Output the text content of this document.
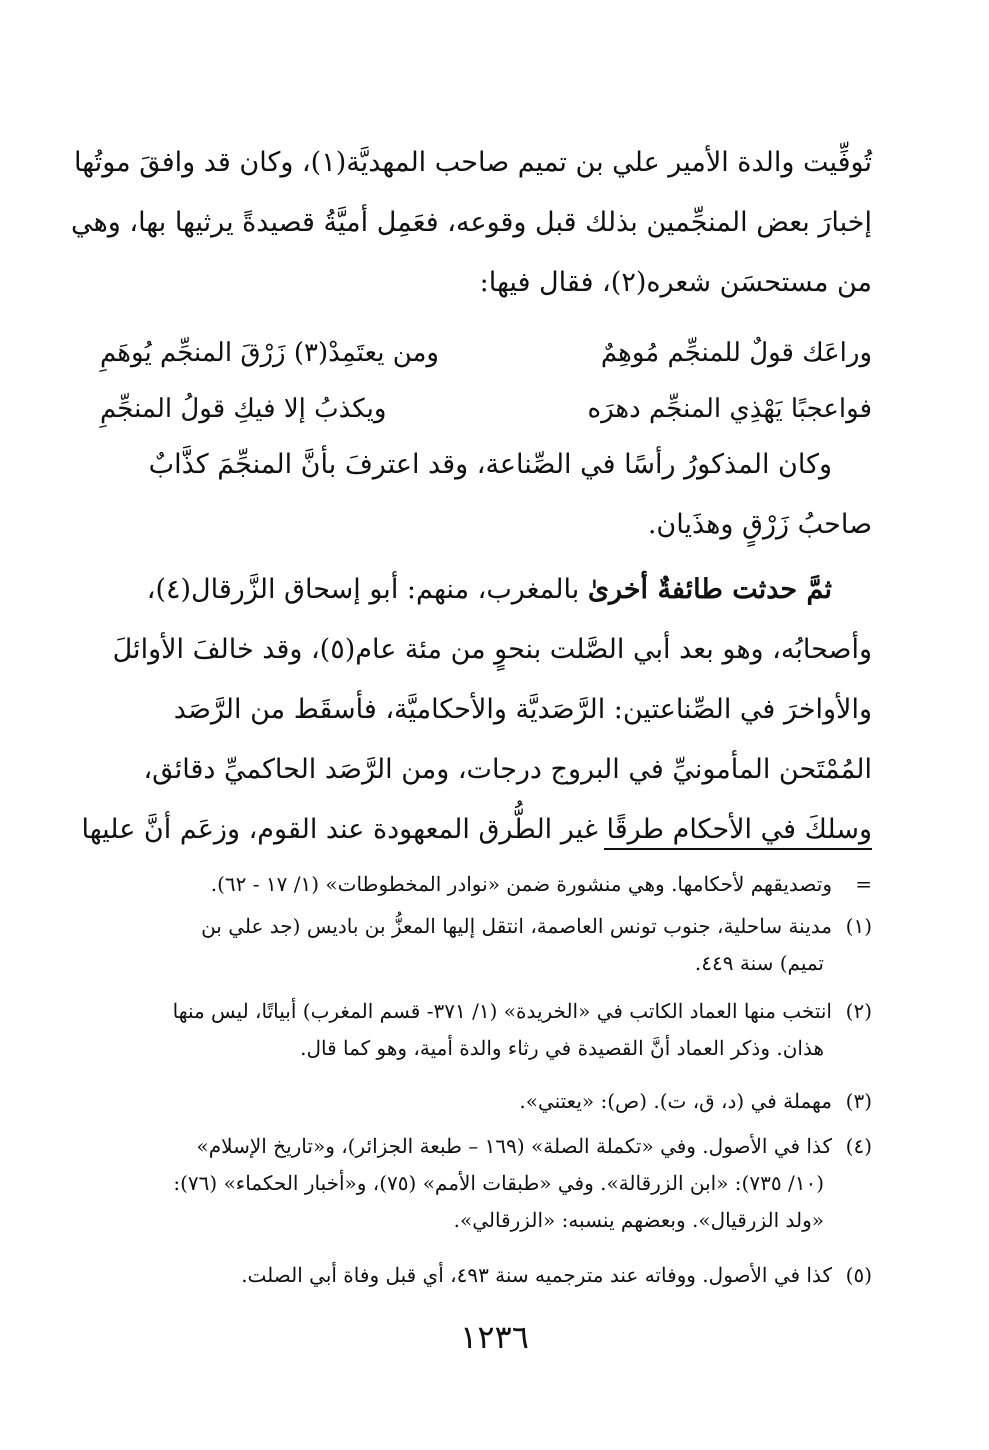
تُوفِّيت والدة الأمير علي بن تميم صاحب المهديَّة(١)، وكان قد وافقَ موتُها
إخبارَ بعض المنجِّمين بذلك قبل وقوعه، فعَمِل أميَّةُ قصيدةً يرثيها بها، وهي
من مستحسَن شعره(٢)، فقال فيها:
وراعَك قولٌ للمنجِّم مُوهِمٌ
ومن يعتَمِدْ(٣) زَرْقَ المنجِّم يُوهَمِ
فواعجبًا يَهْذِي المنجِّم دهرَه
ويكذبُ إلا فيكِ قولُ المنجِّمِ
وكان المذكورُ رأسًا في الصِّناعة، وقد اعترفَ بأنَّ المنجِّمَ كذَّابٌ
صاحبُ زَرْقٍ وهذَيان.
ثمَّ حدثت طائفةٌ أخرىٰ بالمغرب، منهم: أبو إسحاق الزَّرقال(٤)،
وأصحابُه، وهو بعد أبي الصَّلت بنحوٍ من مئة عام(٥)، وقد خالفَ الأوائلَ
والأواخرَ في الصِّناعتين: الرَّصَديَّة والأحكاميَّة، فأسقَط من الرَّصَد
المُمْتَحن المأمونيِّ في البروج درجات، ومن الرَّصَد الحاكميِّ دقائق،
وسلكَ في الأحكام طرقًا غير الطُّرق المعهودة عند القوم، وزعَم أنَّ عليها
=وتصديقهم لأحكامها. وهي منشورة ضمن «نوادر المخطوطات» (١/ ١٧ - ٦٢).
(١)مدينة ساحلية، جنوب تونس العاصمة، انتقل إليها المعزُّ بن باديس (جد علي بن
تميم) سنة ٤٤٩.
(٢)انتخب منها العماد الكاتب في «الخريدة» (١/ ٣٧١- قسم المغرب) أبياتًا، ليس منها
هذان. وذكر العماد أنَّ القصيدة في رثاء والدة أمية، وهو كما قال.
(٣)مهملة في (د، ق، ت). (ص): «يعتني».
(٤)كذا في الأصول. وفي «تكملة الصلة» (١٦٩ – طبعة الجزائر)، و«تاريخ الإسلام»
(١٠/ ٧٣٥): «ابن الزرقالة». وفي «طبقات الأمم» (٧٥)، و«أخبار الحكماء» (٧٦):
«ولد الزرقيال». وبعضهم ينسبه: «الزرقالي».
(٥)كذا في الأصول. ووفاته عند مترجميه سنة ٤٩٣، أي قبل وفاة أبي الصلت.
١٢٣٦
